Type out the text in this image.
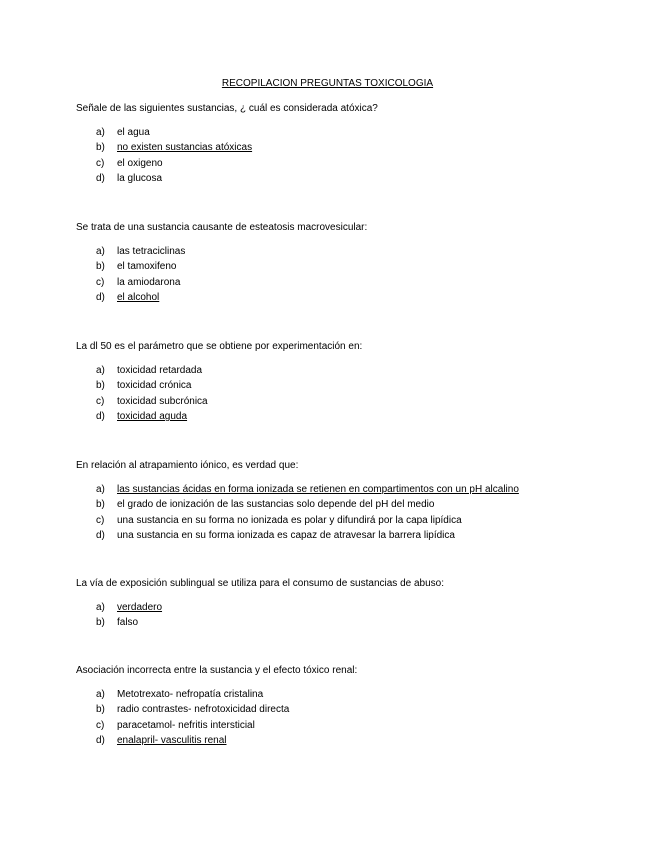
RECOPILACION PREGUNTAS TOXICOLOGIA

Señale de las siguientes sustancias, ¿ cuál es considerada atóxica?

a)	el agua
b)	no existen sustancias atóxicas
c)	el oxigeno
d)	la glucosa

Se trata de una sustancia causante de esteatosis macrovesicular:

a)	las tetraciclinas
b)	el tamoxifeno
c)	la amiodarona
d)	el alcohol

La dl 50 es el parámetro que se obtiene por experimentación en:

a)	toxicidad retardada
b)	toxicidad crónica
c)	toxicidad subcrónica
d)	toxicidad aguda

En relación al atrapamiento iónico, es verdad que:

a)	las sustancias ácidas en forma ionizada se retienen en compartimentos con un pH alcalino
b)	el grado de ionización de las sustancias solo depende del pH del medio
c)	una sustancia en su forma no ionizada es polar y difundirá por la capa lipídica
d)	una sustancia en su forma ionizada es capaz de atravesar la barrera lipídica

La vía de exposición sublingual se utiliza para el consumo de sustancias de abuso:

a)	verdadero
b)	falso

Asociación incorrecta entre la sustancia y el efecto tóxico renal:

a)	Metotrexato- nefropatía cristalina
b)	radio contrastes- nefrotoxicidad directa
c)	paracetamol- nefritis intersticial
d)	enalapril- vasculitis renal
